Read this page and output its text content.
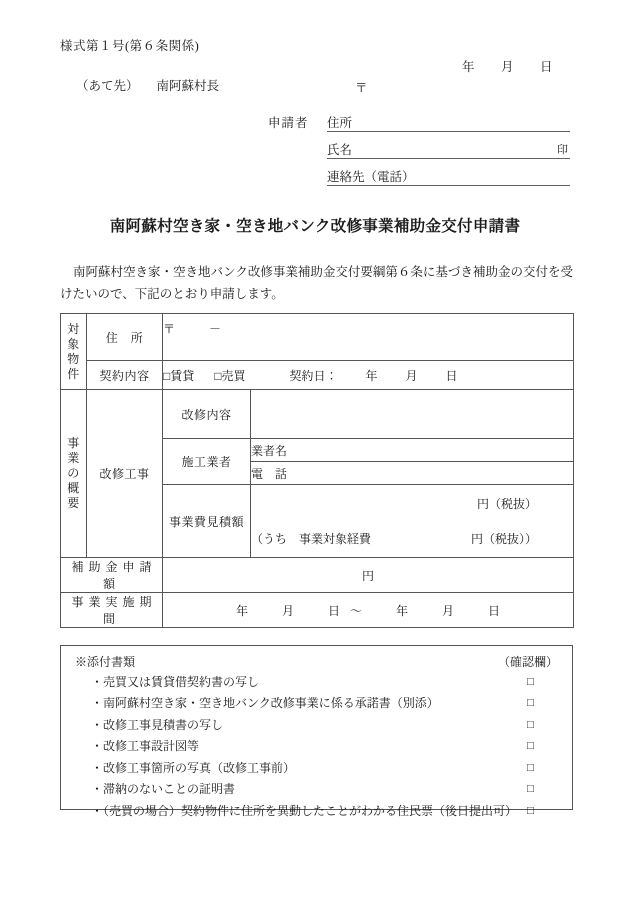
様式第１号(第６条関係)
年 月 日
（あて先） 南阿蘇村長	〒
申請者 住所
氏名	印
連絡先（電話）
南阿蘇村空き家・空き地バンク改修事業補助金交付申請書
南阿蘇村空き家・空き地バンク改修事業補助金交付要綱第６条に基づき補助金の交付を受けたいので、下記のとおり申請します。
対
象
物
件	住　所	〒 －	
	契約内容	□賃貸 □売買 契約日： 年 月 日	

事
業
の
概
要	改修工事	改修内容	
		施工業者	業者名
			電　話
		事業費見積額	円（税抜）
（うち　事業対象経費 円（税抜））

補助金申請額		円	
事業実施期間		年 月 日 ～ 年 月 日	
※添付書類	（確認欄）
・売買又は賃貸借契約書の写し	□
・南阿蘇村空き家・空き地バンク改修事業に係る承諾書（別添）	□
・改修工事見積書の写し	□
・改修工事設計図等	□
・改修工事箇所の写真（改修工事前）	□
・滞納のないことの証明書	□
・（売買の場合）契約物件に住所を異動したことがわかる住民票（後日提出可） □
